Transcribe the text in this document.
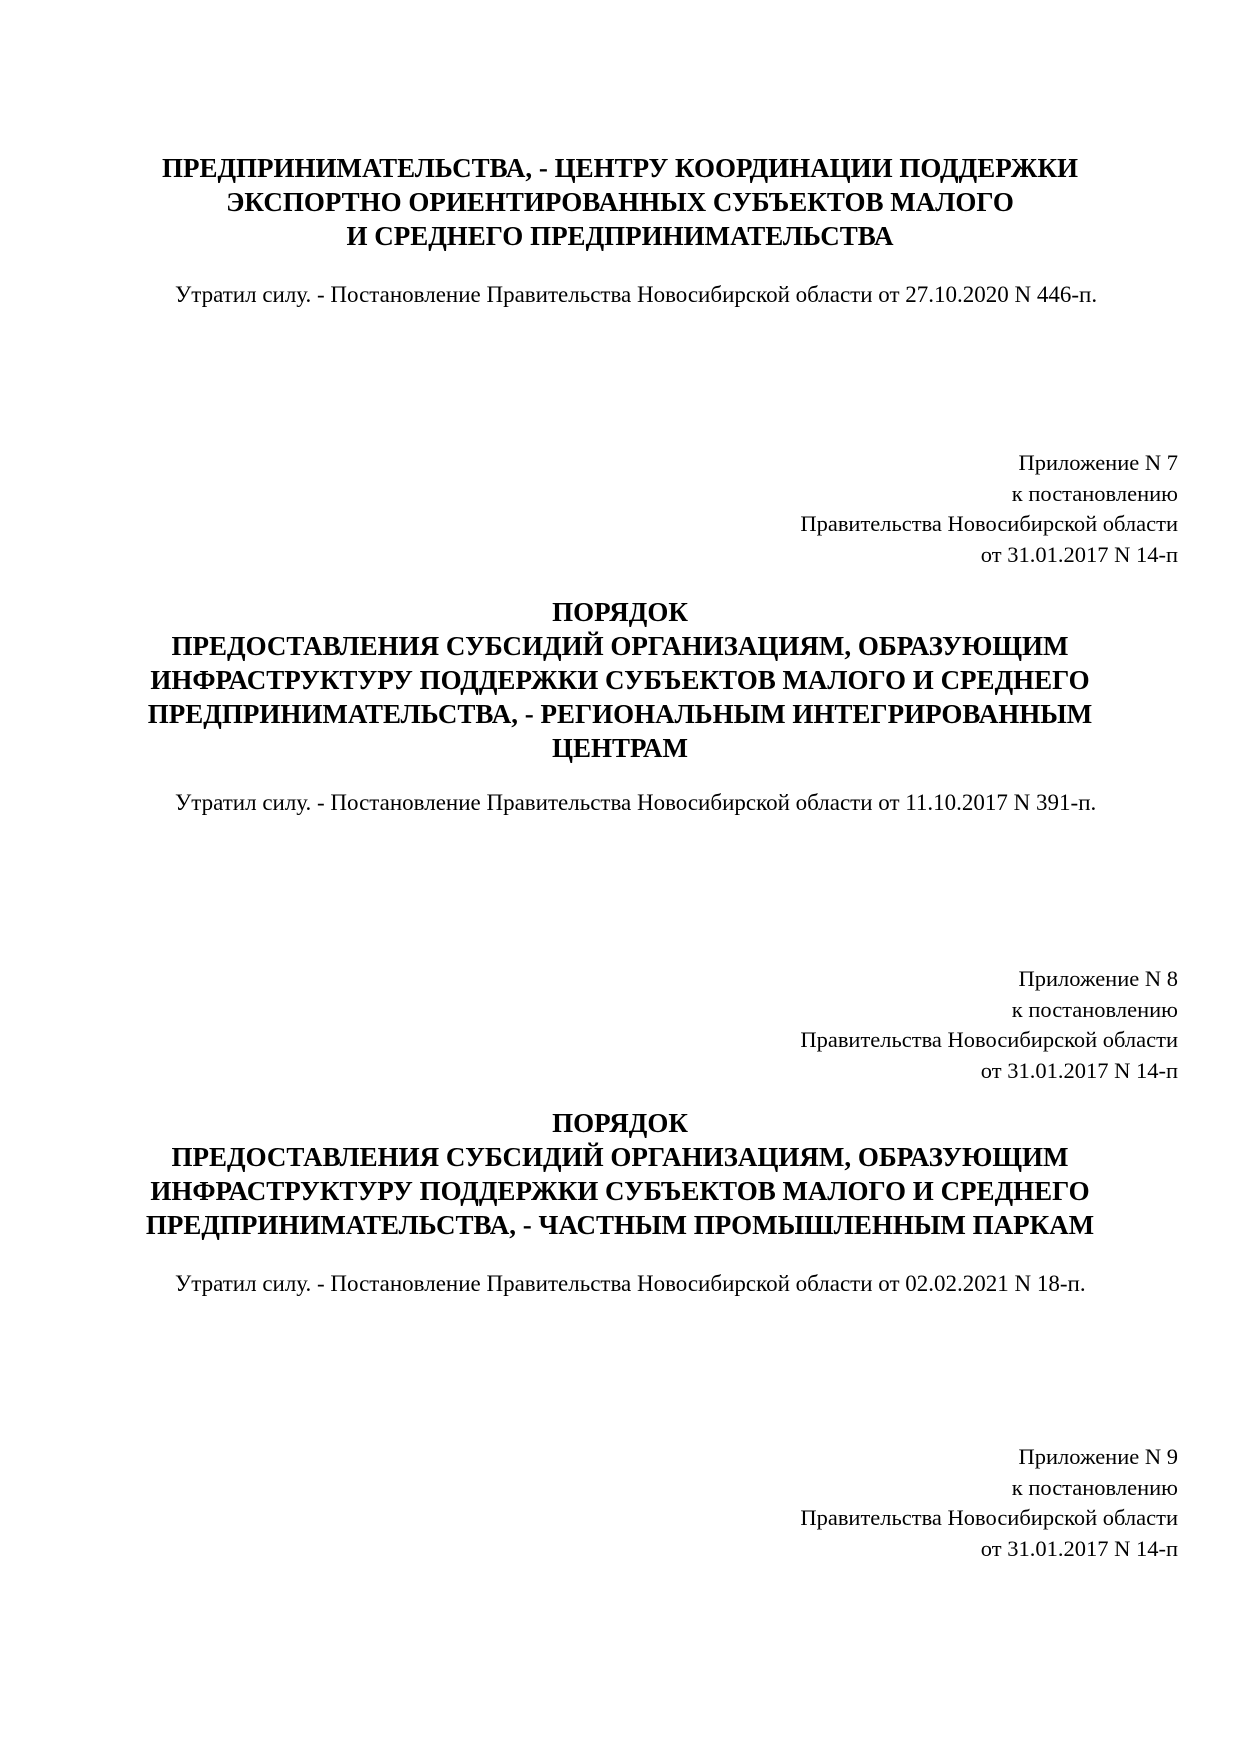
ПРЕДПРИНИМАТЕЛЬСТВА, - ЦЕНТРУ КООРДИНАЦИИ ПОДДЕРЖКИ
ЭКСПОРТНО ОРИЕНТИРОВАННЫХ СУБЪЕКТОВ МАЛОГО
И СРЕДНЕГО ПРЕДПРИНИМАТЕЛЬСТВА
Утратил силу. - Постановление Правительства Новосибирской области от 27.10.2020 N 446-п.
Приложение N 7
к постановлению
Правительства Новосибирской области
от 31.01.2017 N 14-п
ПОРЯДОК
ПРЕДОСТАВЛЕНИЯ СУБСИДИЙ ОРГАНИЗАЦИЯМ, ОБРАЗУЮЩИМ
ИНФРАСТРУКТУРУ ПОДДЕРЖКИ СУБЪЕКТОВ МАЛОГО И СРЕДНЕГО
ПРЕДПРИНИМАТЕЛЬСТВА, - РЕГИОНАЛЬНЫМ ИНТЕГРИРОВАННЫМ
ЦЕНТРАМ
Утратил силу. - Постановление Правительства Новосибирской области от 11.10.2017 N 391-п.
Приложение N 8
к постановлению
Правительства Новосибирской области
от 31.01.2017 N 14-п
ПОРЯДОК
ПРЕДОСТАВЛЕНИЯ СУБСИДИЙ ОРГАНИЗАЦИЯМ, ОБРАЗУЮЩИМ
ИНФРАСТРУКТУРУ ПОДДЕРЖКИ СУБЪЕКТОВ МАЛОГО И СРЕДНЕГО
ПРЕДПРИНИМАТЕЛЬСТВА, - ЧАСТНЫМ ПРОМЫШЛЕННЫМ ПАРКАМ
Утратил силу. - Постановление Правительства Новосибирской области от 02.02.2021 N 18-п.
Приложение N 9
к постановлению
Правительства Новосибирской области
от 31.01.2017 N 14-п
